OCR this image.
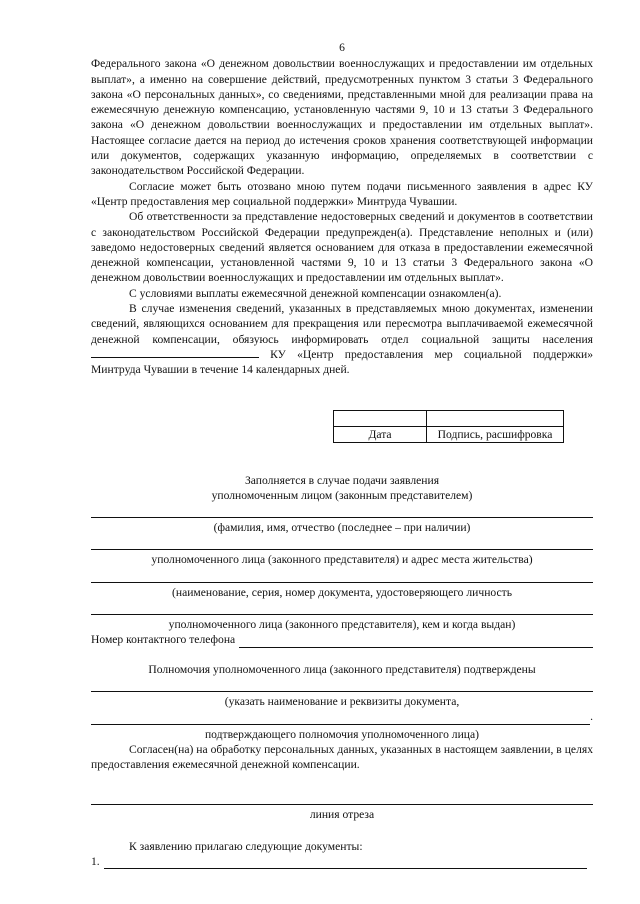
6

Федерального закона «О денежном довольствии военнослужащих и предоставлении им отдельных выплат», а именно на совершение действий, предусмотренных пунктом 3 статьи 3 Федерального закона «О персональных данных», со сведениями, представленными мной для реализации права на ежемесячную денежную компенсацию, установленную частями 9, 10 и 13 статьи 3 Федерального закона «О денежном довольствии военнослужащих и предоставлении им отдельных выплат». Настоящее согласие дается на период до истечения сроков хранения соответствующей информации или документов, содержащих указанную информацию, определяемых в соответствии с законодательством Российской Федерации.

Согласие может быть отозвано мною путем подачи письменного заявления в адрес КУ «Центр предоставления мер социальной поддержки» Минтруда Чувашии.

Об ответственности за представление недостоверных сведений и документов в соответствии с законодательством Российской Федерации предупрежден(а). Представление неполных и (или) заведомо недостоверных сведений является основанием для отказа в предоставлении ежемесячной денежной компенсации, установленной частями 9, 10 и 13 статьи 3 Федерального закона «О денежном довольствии военнослужащих и предоставлении им отдельных выплат».

С условиями выплаты ежемесячной денежной компенсации ознакомлен(а).

В случае изменения сведений, указанных в представляемых мною документах, изменении сведений, являющихся основанием для прекращения или пересмотра выплачиваемой ежемесячной денежной компенсации, обязуюсь информировать отдел социальной защиты населения  КУ «Центр предоставления мер социальной поддержки» Минтруда Чувашии в течение 14 календарных дней.

Дата	Подпись, расшифровка
Заполняется в случае подачи заявления
уполномоченным лицом (законным представителем)
(фамилия, имя, отчество (последнее – при наличии)
уполномоченного лица (законного представителя) и адрес места жительства)
(наименование, серия, номер документа, удостоверяющего личность
уполномоченного лица (законного представителя), кем и когда выдан)
Номер контактного телефона
Полномочия уполномоченного лица (законного представителя) подтверждены
(указать наименование и реквизиты документа,
.
подтверждающего полномочия уполномоченного лица)

Согласен(на) на обработку персональных данных, указанных в настоящем заявлении, в целях предоставления ежемесячной денежной компенсации.

линия отреза
К заявлению прилагаю следующие документы:
1.
